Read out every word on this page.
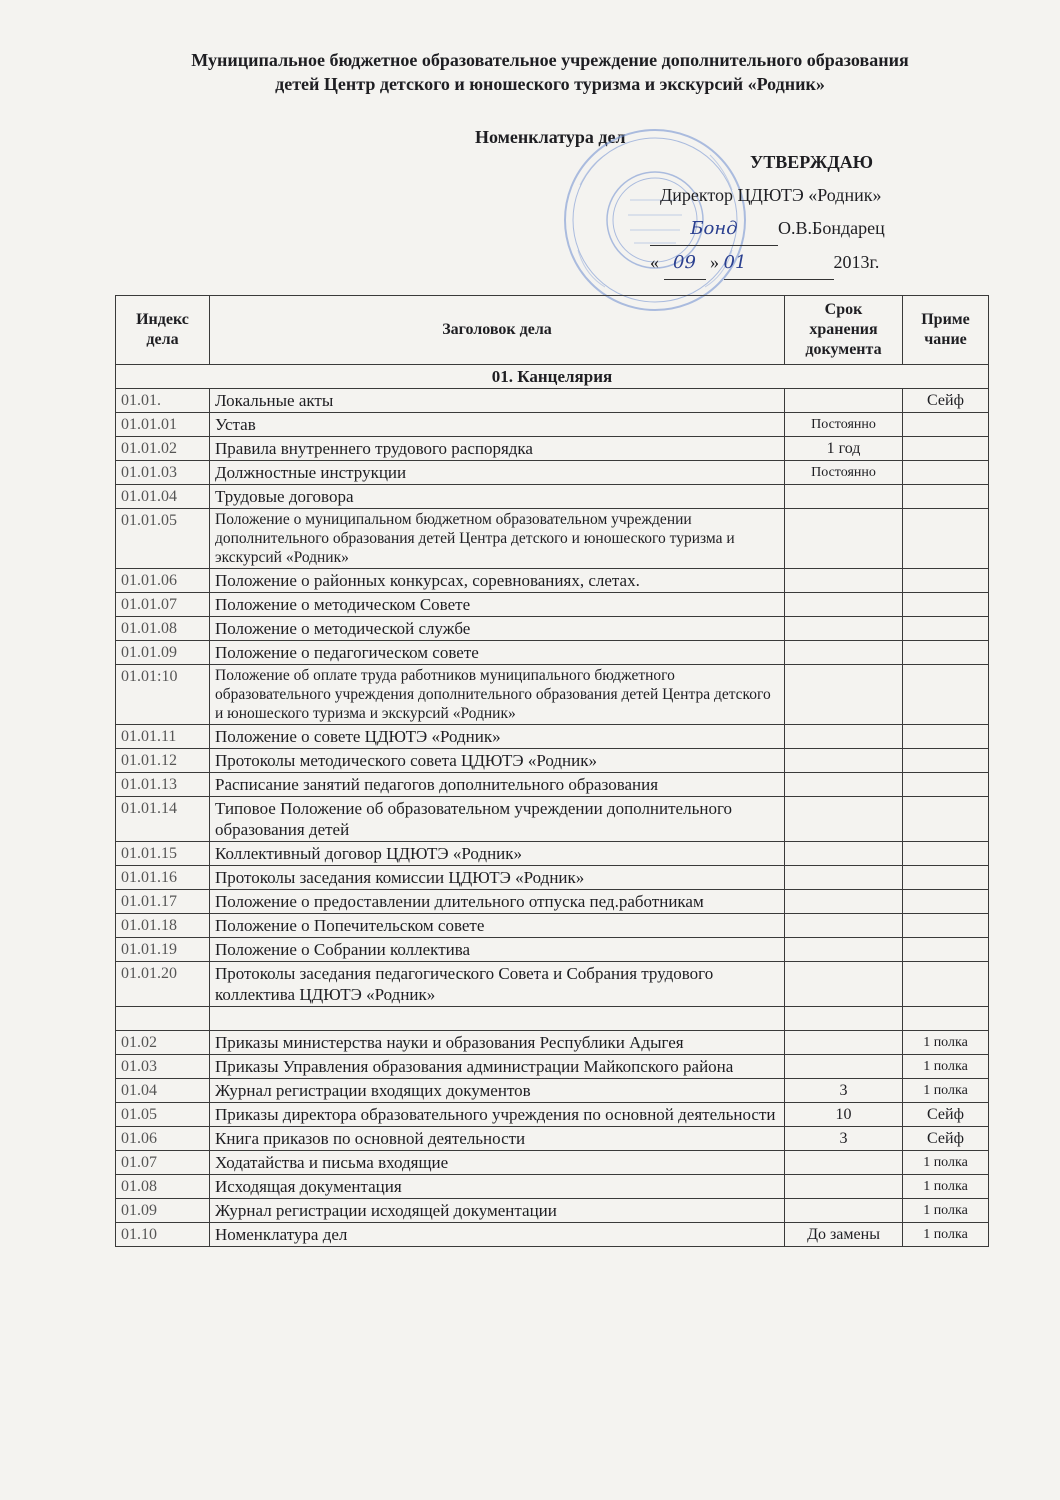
Муниципальное бюджетное образовательное учреждение дополнительного образования
детей Центр детского и юношеского туризма и экскурсий «Родник»
Номенклатура дел
УТВЕРЖДАЮ
Директор ЦДЮТЭ «Родник»
Бонд О.В.Бондарец
« 09 » 01	2013г.
Индекс дела	Заголовок дела	Срок хранения документа	Приме чание
01. Канцелярия			
01.01.	Локальные акты		Сейф
01.01.01	Устав	Постоянно	
01.01.02	Правила внутреннего трудового распорядка	1 год	
01.01.03	Должностные инструкции	Постоянно	
01.01.04	Трудовые договора		
01.01.05	Положение о муниципальном бюджетном образовательном учреждении дополнительного образования детей Центра детского и юношеского туризма и экскурсий «Родник»		
01.01.06	Положение о районных конкурсах, соревнованиях, слетах.		
01.01.07	Положение о методическом Совете		
01.01.08	Положение о методической службе		
01.01.09	Положение о педагогическом совете		
01.01:10	Положение об оплате труда работников муниципального бюджетного образовательного учреждения дополнительного образования детей Центра детского и юношеского туризма и экскурсий «Родник»		
01.01.11	Положение о совете ЦДЮТЭ «Родник»		
01.01.12	Протоколы методического совета ЦДЮТЭ «Родник»		
01.01.13	Расписание занятий педагогов дополнительного образования		
01.01.14	Типовое Положение об образовательном учреждении дополнительного образования детей		
01.01.15	Коллективный договор ЦДЮТЭ «Родник»		
01.01.16	Протоколы заседания комиссии ЦДЮТЭ «Родник»		
01.01.17	Положение о предоставлении длительного отпуска пед.работникам		
01.01.18	Положение о Попечительском совете		
01.01.19	Положение о Собрании коллектива		
01.01.20	Протоколы заседания педагогического Совета и Собрания трудового коллектива ЦДЮТЭ «Родник»		

01.02	Приказы министерства науки и образования Республики Адыгея		1 полка
01.03	Приказы Управления образования администрации Майкопского района		1 полка
01.04	Журнал регистрации входящих документов	3	1 полка
01.05	Приказы директора образовательного учреждения по основной деятельности	10	Сейф
01.06	Книга приказов по основной деятельности	3	Сейф
01.07	Ходатайства и письма входящие		1 полка
01.08	Исходящая документация		1 полка
01.09	Журнал регистрации исходящей документации		1 полка
01.10	Номенклатура дел	До замены	1 полка
